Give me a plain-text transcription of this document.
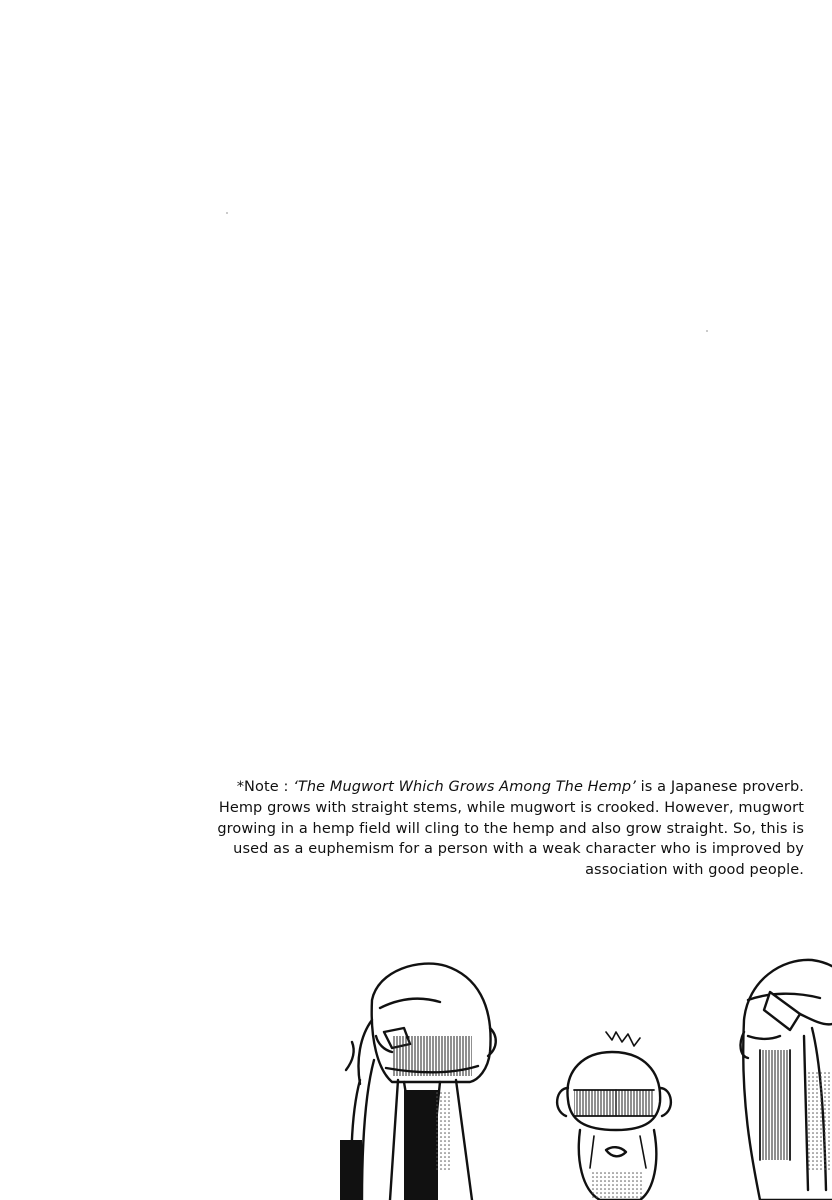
*Note : ‘The Mugwort Which Grows Among The Hemp’ is a Japanese proverb.
Hemp grows with straight stems, while mugwort is crooked. However, mugwort
growing in a hemp field will cling to the hemp and also grow straight. So, this is
used as a euphemism for a person with a weak character who is improved by
association with good people.
